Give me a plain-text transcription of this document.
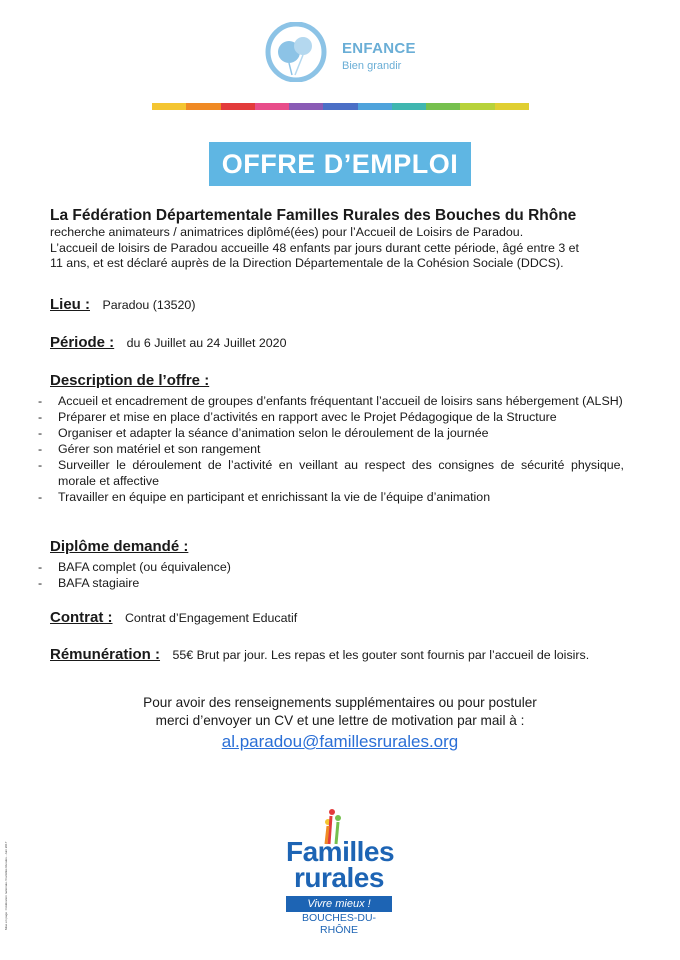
ENFANCE
Bien grandir
OFFRE D’EMPLOI
La Fédération Départementale Familles Rurales des Bouches du Rhône
recherche animateurs / animatrices diplômé(ées) pour l’Accueil de Loisirs de Paradou.
L’accueil de loisirs de Paradou accueille 48 enfants par jours durant cette période, âgé entre 3 et
11 ans, et est déclaré auprès de la Direction Départementale de la Cohésion Sociale (DDCS).
Lieu : Paradou (13520)
Période : du 6 Juillet au 24 Juillet 2020
Description de l’offre :
- Accueil et encadrement de groupes d’enfants fréquentant l’accueil de loisirs sans hébergement (ALSH)
- Préparer et mise en place d’activités en rapport avec le Projet Pédagogique de la Structure
- Organiser et adapter la séance d’animation selon le déroulement de la journée
- Gérer son matériel et son rangement
- Surveiller le déroulement de l’activité en veillant au respect des consignes de sécurité physique, morale et affective
- Travailler en équipe en participant et enrichissant la vie de l’équipe d’animation
Diplôme demandé :
- BAFA complet (ou équivalence)
- BAFA stagiaire
Contrat : Contrat d’Engagement Educatif
Rémunération : 55€ Brut par jour. Les repas et les gouter sont fournis par l’accueil de loisirs.
Pour avoir des renseignements supplémentaires ou pour postuler
merci d’envoyer un CV et une lettre de motivation par mail à :
al.paradou@famillesrurales.org
Mise en page : Fédération nationale / Familles Rurales - Juin 2017	Familles
rurales
Vivre mieux !
BOUCHES-DU-RHÔNE
